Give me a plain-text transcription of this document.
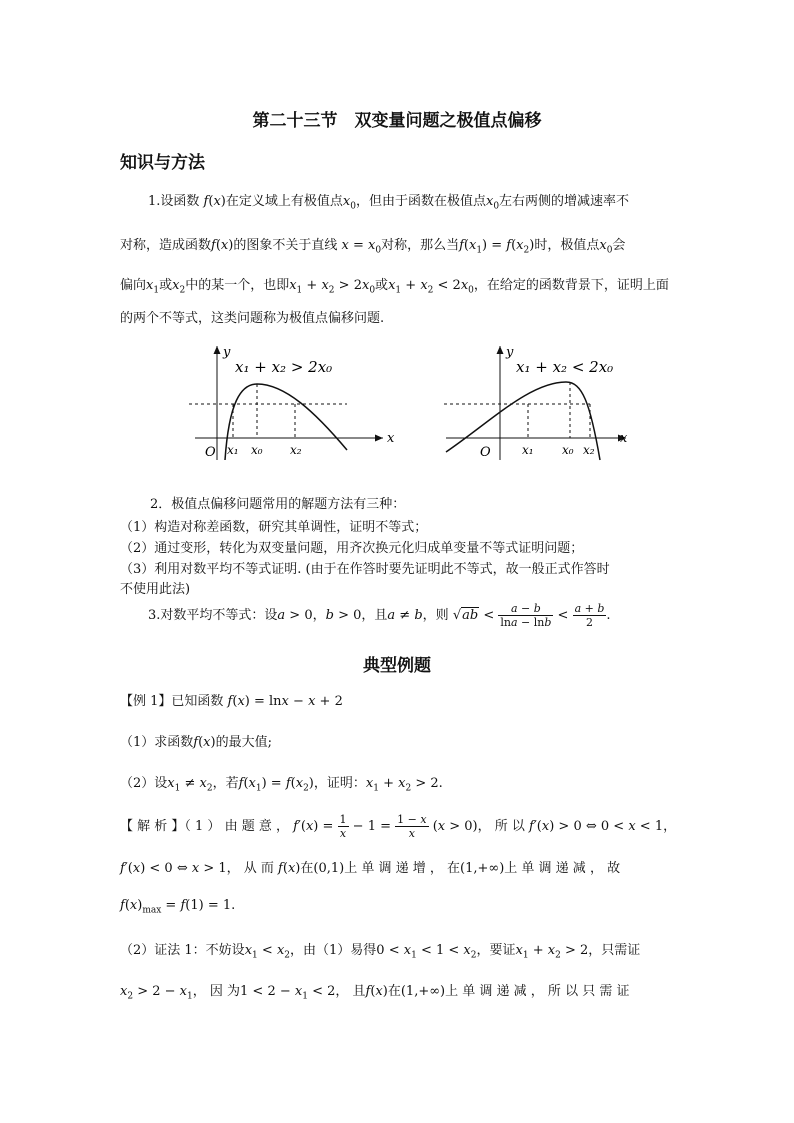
第二十三节　双变量问题之极值点偏移
知识与方法
1.设函数 f(x)在定义域上有极值点$x_0$，但由于函数在极值点$x_0$左右两侧的增减速率不
对称，造成函数f(x)的图象不关于直线 $x = x_0$对称，那么当$f(x_1) = f(x_2)$时，极值点$x_0$会
偏向$x_1$或$x_2$中的某一个，也即$x_1 + x_2 > 2x_0$或$x_1 + x_2 < 2x_0$，在给定的函数背景下，证明上面
的两个不等式，这类问题称为极值点偏移问题.
x₁ + x₂ > 2x₀
x
y
O x₁ x₀ x₂
x₁ + x₂ < 2x₀
x
y
O	x₁ x₀ x₂
2．极值点偏移问题常用的解题方法有三种：
（1）构造对称差函数，研究其单调性，证明不等式；
（2）通过变形，转化为双变量问题，用齐次换元化归成单变量不等式证明问题；
（3）利用对数平均不等式证明. (由于在作答时要先证明此不等式，故一般正式作答时
不使用此法)
3.对数平均不等式：设a > 0，b > 0，且a ≠ b，则 $√ab < \frac{a - b}{\ln a - \ln b} < \frac{a + b}{2}$ .
典型例题
【例 1】已知函数 f(x) = lnx − x + 2
（1）求函数f(x)的最大值;
（2）设$x_1 \ne x_2$，若$f(x_1) = f(x_2)$，证明：$x_1 + x_2 > 2$.
【 解 析 】（ 1 ） 由 题 意 ， $f'(x) = \frac{1}{x} - 1 = \frac{1 - x}{x} (x > 0)$， 所 以 f′(x) > 0 ⇔ 0 < x < 1，
f′(x) < 0 ⇔ x > 1， 从 而 f(x)在(0,1)上 单 调 递 增 ， 在(1,+∞)上 单 调 递 减 ， 故
$f(x)_{max} = f(1) = 1$.
（2）证法 1：不妨设$x_1 < x_2$，由（1）易得$0 < x_1 < 1 < x_2$，要证$x_1 + x_2 > 2$，只需证
$x_2 > 2 - x_1$， 因 为$1 < 2 - x_1 < 2$， 且f(x)在(1,+∞)上 单 调 递 减 ， 所 以 只 需 证
